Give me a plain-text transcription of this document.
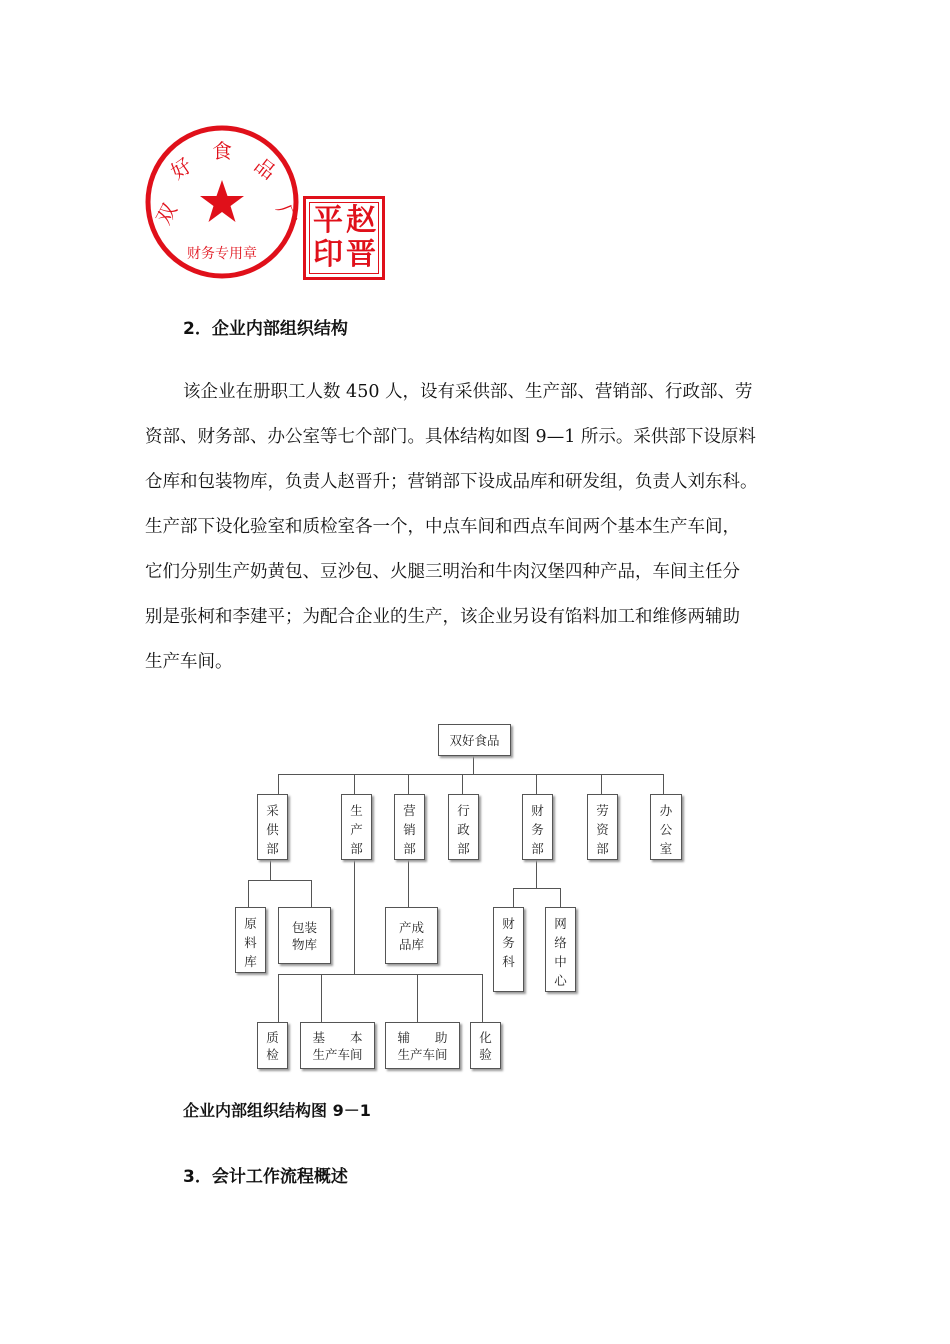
双
好
食
品
厂
财务专用章
平 赵
印 晋
2．企业内部组织结构
该企业在册职工人数 450 人，设有采供部、生产部、营销部、行政部、劳
资部、财务部、办公室等七个部门。具体结构如图 9—1 所示。采供部下设原料
仓库和包装物库，负责人赵晋升；营销部下设成品库和研发组，负责人刘东科。
生产部下设化验室和质检室各一个，中点车间和西点车间两个基本生产车间，
它们分别生产奶黄包、豆沙包、火腿三明治和牛肉汉堡四种产品，车间主任分
别是张柯和李建平；为配合企业的生产，该企业另设有馅料加工和维修两辅助
生产车间。
双好食品
采
供
部
生
产
部
营
销
部
行
政
部
财
务
部
劳
资
部
办
公
室
原
料
库
包装
物库
产成
品库
财
务
科
网
络
中
心
质
检
基　　本
生产车间
辅　　助
生产车间
化
验
企业内部组织结构图 9－1
3．会计工作流程概述
